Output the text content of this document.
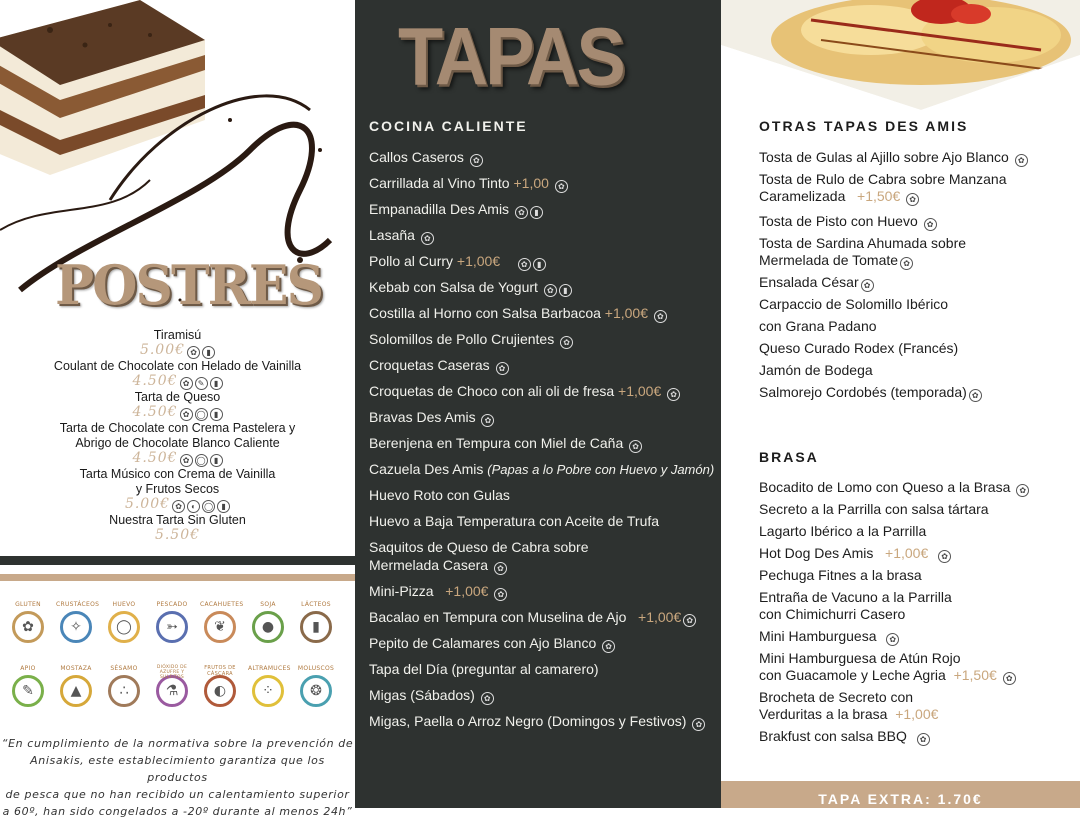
POSTRES
Tiramisú
5.00€ ✿ ▮
Coulant de Chocolate con Helado de Vainilla
4.50€ ✿ ✎ ▮
Tarta de Queso
4.50€ ✿ ◯ ▮
Tarta de Chocolate con Crema Pastelera y
Abrigo de Chocolate Blanco Caliente
4.50€ ✿ ◯ ▮
Tarta Músico con Crema de Vainilla
y Frutos Secos
5.00€ ✿ ◐ ◯ ▮
Nuestra Tarta Sin Gluten
5.50€
GLUTEN
✿
CRUSTÁCEOS
✧
HUEVO
◯
PESCADO
➳
CACAHUETES
❦
SOJA
●
LÁCTEOS
▮
APIO
✎
MOSTAZA
▲
SÉSAMO
∴
DIÓXIDO DE AZUFRE Y SULFITOS
⚗
FRUTOS DE CÁSCARA
◐
ALTRAMUCES
⁘
MOLUSCOS
❂
“En cumplimiento de la normativa sobre la prevención de
Anisakis, este establecimiento garantiza que los productos
de pesca que no han recibido un calentamiento superior
a 60º, han sido congelados a -20º durante al menos 24h”
TAPAS
COCINA CALIENTE
Callos Caseros ✿
Carrillada al Vino Tinto +1,00 ✿
Empanadilla Des Amis ✿ ▮
Lasaña ✿
Pollo al Curry +1,00€	✿ ▮
Kebab con Salsa de Yogurt ✿ ▮
Costilla al Horno con Salsa Barbacoa +1,00€ ✿
Solomillos de Pollo Crujientes ✿
Croquetas Caseras ✿
Croquetas de Choco con ali oli de fresa +1,00€ ✿
Bravas Des Amis ✿
Berenjena en Tempura con Miel de Caña ✿
Cazuela Des Amis (Papas a lo Pobre con Huevo y Jamón)
Huevo Roto con Gulas
Huevo a Baja Temperatura con Aceite de Trufa
Saquitos de Queso de Cabra sobre
Mermelada Casera ✿
Mini-Pizza +1,00€ ✿
Bacalao en Tempura con Muselina de Ajo +1,00€ ✿
Pepito de Calamares con Ajo Blanco ✿
Tapa del Día (preguntar al camarero)
Migas (Sábados) ✿
Migas, Paella o Arroz Negro (Domingos y Festivos) ✿
OTRAS TAPAS DES AMIS
Tosta de Gulas al Ajillo sobre Ajo Blanco ✿
Tosta de Rulo de Cabra sobre Manzana
Caramelizada +1,50€ ✿
Tosta de Pisto con Huevo ✿
Tosta de Sardina Ahumada sobre
Mermelada de Tomate ✿
Ensalada César ✿
Carpaccio de Solomillo Ibérico
con Grana Padano
Queso Curado Rodex (Francés)
Jamón de Bodega
Salmorejo Cordobés (temporada) ✿
BRASA
Bocadito de Lomo con Queso a la Brasa ✿
Secreto a la Parrilla con salsa tártara
Lagarto Ibérico a la Parrilla
Hot Dog Des Amis +1,00€ ✿
Pechuga Fitnes a la brasa
Entraña de Vacuno a la Parrilla
con Chimichurri Casero
Mini Hamburguesa ✿
Mini Hamburguesa de Atún Rojo
con Guacamole y Leche Agria +1,50€ ✿
Brocheta de Secreto con
Verduritas a la brasa +1,00€
Brakfust con salsa BBQ ✿
TAPA EXTRA: 1.70€
